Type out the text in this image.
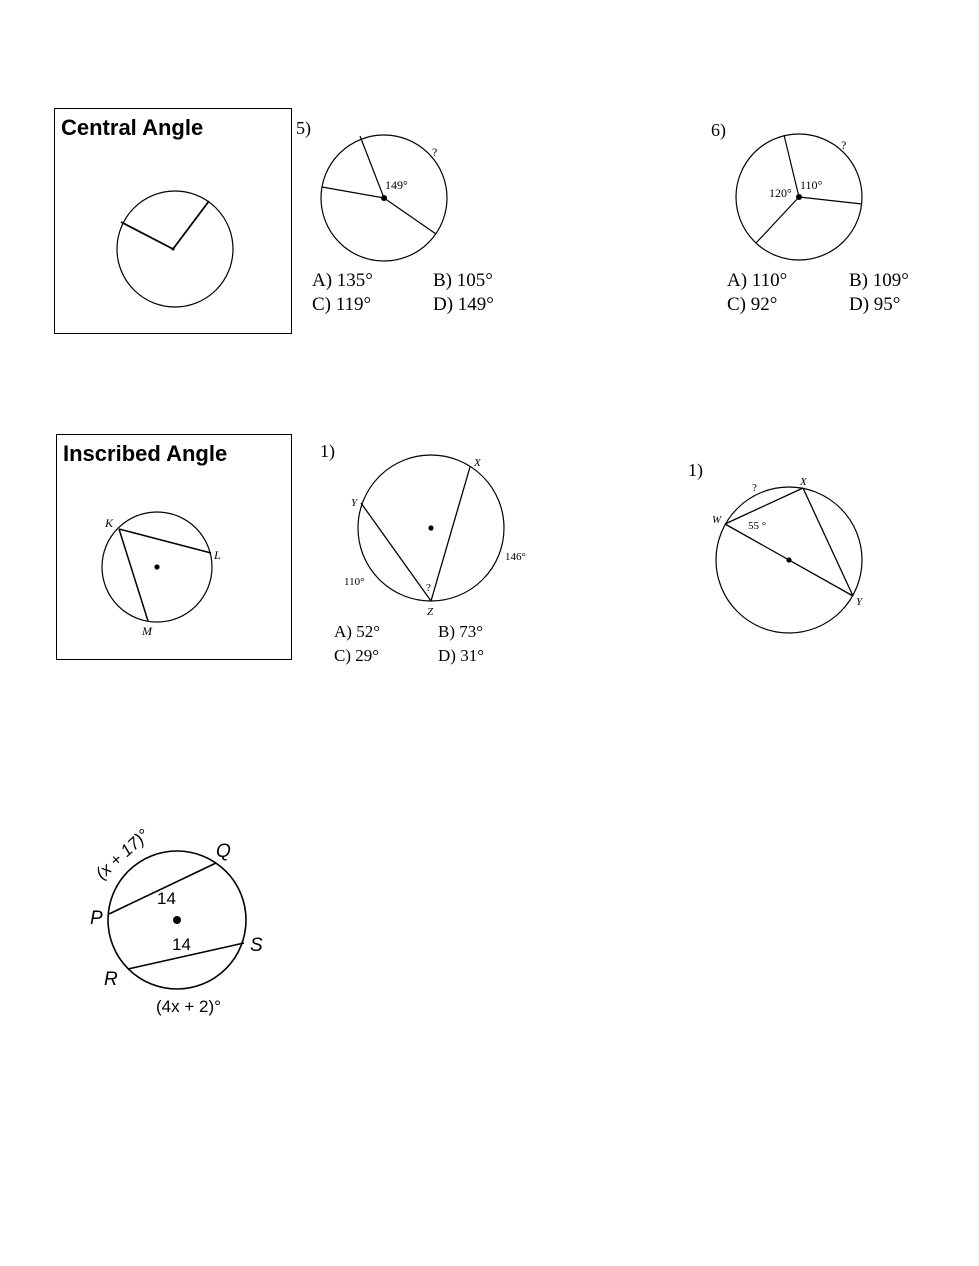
Central Angle	5)
149°
?
A) 135°	B) 105°
C) 119°	D) 149°
6)
120°
110°
?
A) 110°	B) 109°
C) 92°	D) 95°
Inscribed Angle
K
L
M
1)
X
Y
Z
146°
110°	?
A) 52°	B) 73°
C) 29°	D) 31°
1)
W
X
Y
55 °
?
P
Q
R
S
14
14
(x + 17)°
(4x + 2)°
